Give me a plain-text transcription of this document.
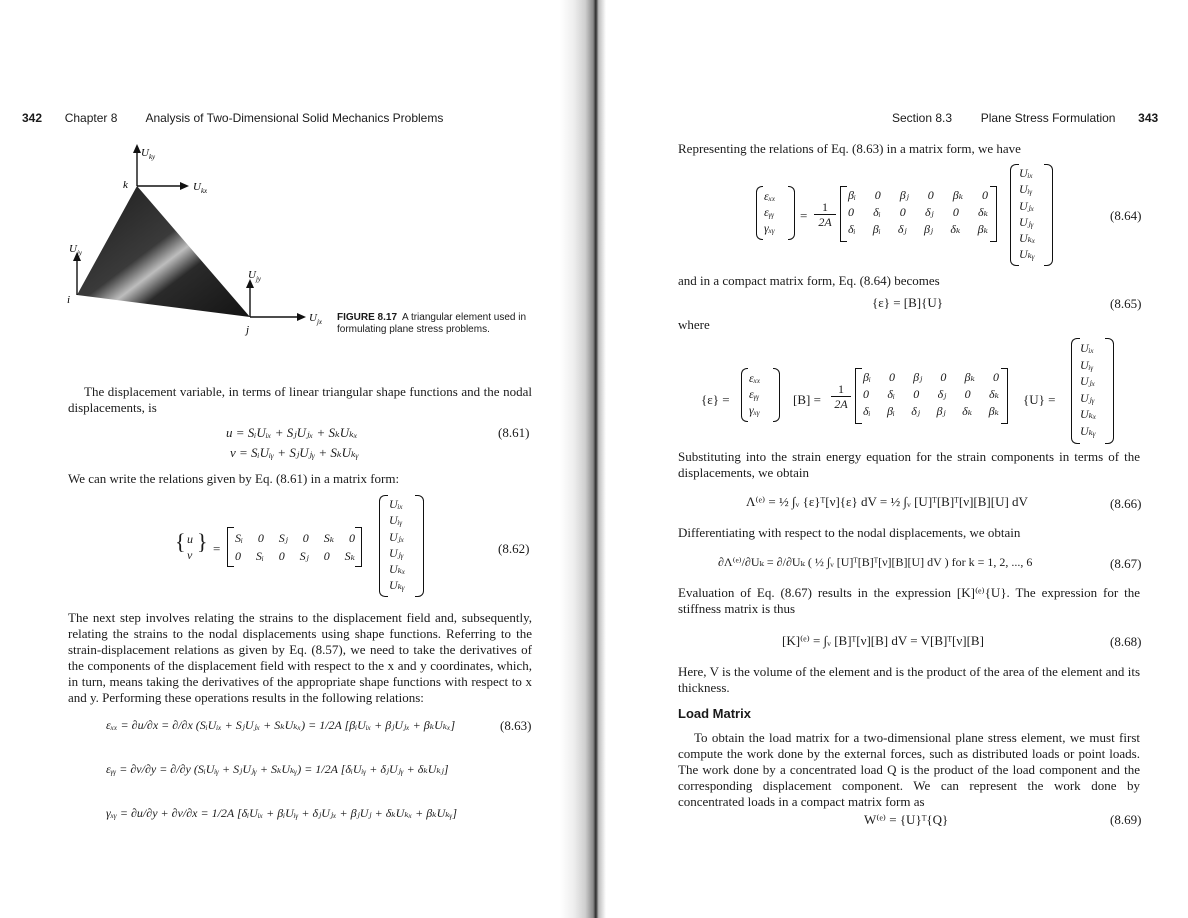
342 Chapter 8 Analysis of Two-Dimensional Solid Mechanics Problems
$U_{ky}$
$U_{kx}$
$U_{iy}$
$U_{jy}$
$U_{jx}$
i
k
j
FIGURE 8.17 A triangular element used in formulating plane stress problems.
The displacement variable, in terms of linear triangular shape functions and the nodal displacements, is
u = SᵢUᵢₓ + SⱼUⱼₓ + SₖUₖₓ
v = SᵢUᵢᵧ + SⱼUⱼᵧ + SₖUₖᵧ
(8.61)
We can write the relations given by Eq. (8.61) in a matrix form:
{ u
v
} =
Sᵢ 0 Sⱼ 0 Sₖ 0
0 Sᵢ 0 Sⱼ 0 Sₖ
Uᵢₓ
Uᵢᵧ
Uⱼₓ
Uⱼᵧ
Uₖₓ
Uₖᵧ
(8.62)
The next step involves relating the strains to the displacement field and, subsequently, relating the strains to the nodal displacements using shape functions. Referring to the strain-displacement relations as given by Eq. (8.57), we need to take the derivatives of the components of the displacement field with respect to the x and y coordinates, which, in turn, means taking the derivatives of the appropriate shape functions with respect to x and y. Performing these operations results in the following relations:
εₓₓ = ∂u/∂x = ∂/∂x (SᵢUᵢₓ + SⱼUⱼₓ + SₖUₖₓ) = 1/2A [βᵢUᵢₓ + βⱼUⱼₓ + βₖUₖₓ]	(8.63)
εᵧᵧ = ∂v/∂y = ∂/∂y (SᵢUᵢᵧ + SⱼUⱼᵧ + SₖUₖᵧ) = 1/2A [δᵢUᵢᵧ + δⱼUⱼᵧ + δₖUₖⱼ]
γₓᵧ = ∂u/∂y + ∂v/∂x = 1/2A [δᵢUᵢₓ + βᵢUᵢᵧ + δⱼUⱼₓ + βⱼUⱼ + δₖUₖₓ + βₖUₖᵧ]
Section 8.3 Plane Stress Formulation 343
Representing the relations of Eq. (8.63) in a matrix form, we have
εₓₓ
εᵧᵧ
γₓᵧ
=
1
2A
βᵢ 0 βⱼ 0 βₖ 0
0 δᵢ 0 δⱼ 0 δₖ
δᵢ βᵢ δⱼ βⱼ δₖ βₖ
Uᵢₓ
Uᵢᵧ
Uⱼₓ
Uⱼᵧ
Uₖₓ
Uₖᵧ
(8.64)
and in a compact matrix form, Eq. (8.64) becomes
{ε} = [B]{U}	(8.65)
where
{ε} =
εₓₓ
εᵧᵧ
γₓᵧ
[B] =
1
2A
βᵢ 0 βⱼ 0 βₖ 0
0 δᵢ 0 δⱼ 0 δₖ
δᵢ βᵢ δⱼ βⱼ δₖ βₖ
{U} =
Uᵢₓ
Uᵢᵧ
Uⱼₓ
Uⱼᵧ
Uₖₓ
Uₖᵧ
Substituting into the strain energy equation for the strain components in terms of the displacements, we obtain
Λ⁽ᵉ⁾ = ½ ∫ᵥ {ε}ᵀ[ν]{ε} dV = ½ ∫ᵥ [U]ᵀ[B]ᵀ[ν][B][U] dV	(8.66)
Differentiating with respect to the nodal displacements, we obtain
∂Λ⁽ᵉ⁾/∂Uₖ = ∂/∂Uₖ ( ½ ∫ᵥ [U]ᵀ[B]ᵀ[ν][B][U] dV ) for k = 1, 2, ..., 6	(8.67)
Evaluation of Eq. (8.67) results in the expression [K]⁽ᵉ⁾{U}. The expression for the stiffness matrix is thus
[K]⁽ᵉ⁾ = ∫ᵥ [B]ᵀ[ν][B] dV = V[B]ᵀ[ν][B]	(8.68)
Here, V is the volume of the element and is the product of the area of the element and its thickness.
Load Matrix
To obtain the load matrix for a two-dimensional plane stress element, we must first compute the work done by the external forces, such as distributed loads or point loads. The work done by a concentrated load Q is the product of the load component and the corresponding displacement component. We can represent the work done by concentrated loads in a compact matrix form as
W⁽ᵉ⁾ = {U}ᵀ{Q}	(8.69)
